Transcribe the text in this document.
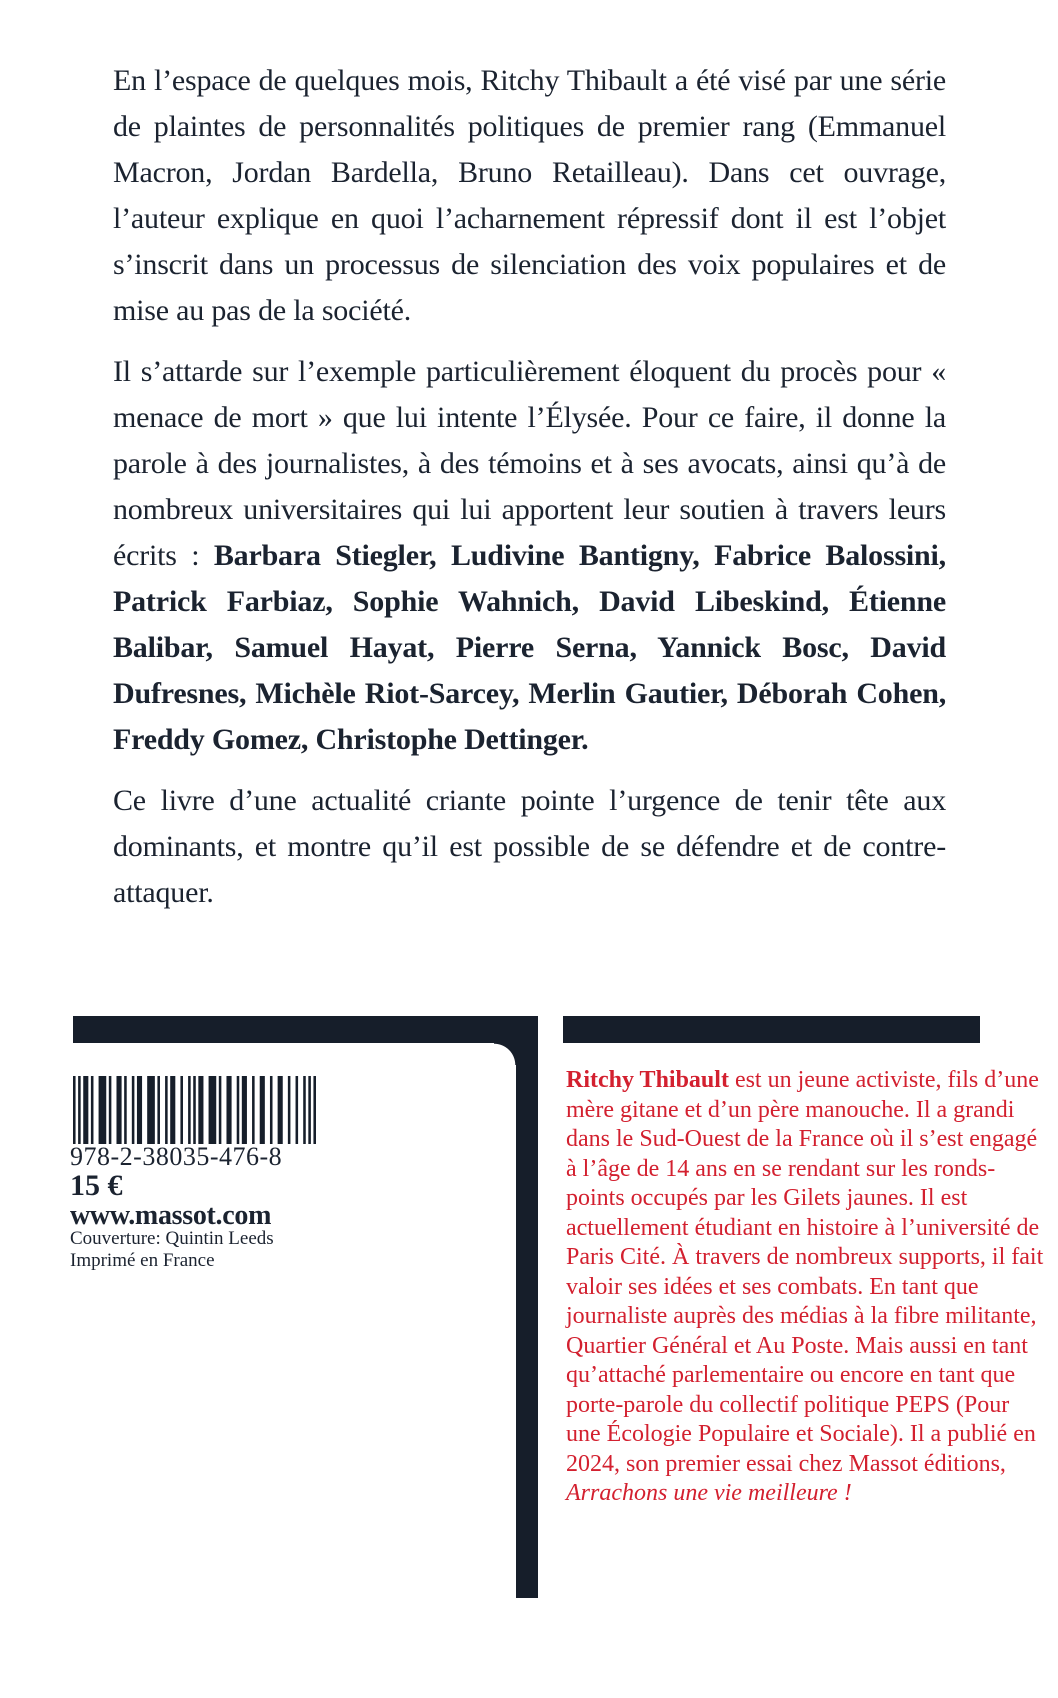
En l’espace de quelques mois, Ritchy Thibault a été visé par une série de plaintes de personnalités politiques de premier rang (Emmanuel Macron, Jordan Bardella, Bruno Retailleau). Dans cet ouvrage, l’auteur explique en quoi l’acharnement répressif dont il est l’objet s’inscrit dans un processus de silenciation des voix populaires et de mise au pas de la société.

Il s’attarde sur l’exemple particulièrement éloquent du procès pour « menace de mort » que lui intente l’Élysée. Pour ce faire, il donne la parole à des journalistes, à des témoins et à ses avocats, ainsi qu’à de nombreux universitaires qui lui apportent leur soutien à travers leurs écrits : Barbara Stiegler, Ludivine Bantigny, Fabrice Balossini, Patrick Farbiaz, Sophie Wahnich, David Libeskind, Étienne Balibar, Samuel Hayat, Pierre Serna, Yannick Bosc, David Dufresnes, Michèle Riot-Sarcey, Merlin Gautier, Déborah Cohen, Freddy Gomez, Christophe Dettinger.

Ce livre d’une actualité criante pointe l’urgence de tenir tête aux dominants, et montre qu’il est possible de se défendre et de contre-attaquer.

978-2-38035-476-8
15 €
www.massot.com
Couverture: Quintin Leeds
Imprimé en France
Ritchy Thibault est un jeune activiste, fils d’une mère gitane et d’un père manouche. Il a grandi dans le Sud-Ouest de la France où il s’est engagé à l’âge de 14 ans en se rendant sur les ronds-points occupés par les Gilets jaunes. Il est actuellement étudiant en histoire à l’université de Paris Cité. À travers de nombreux supports, il fait valoir ses idées et ses combats. En tant que journaliste auprès des médias à la fibre militante, Quartier Général et Au Poste. Mais aussi en tant qu’attaché parlementaire ou encore en tant que porte-parole du collectif politique PEPS (Pour une Écologie Populaire et Sociale). Il a publié en 2024, son premier essai chez Massot éditions, Arrachons une vie meilleure !
